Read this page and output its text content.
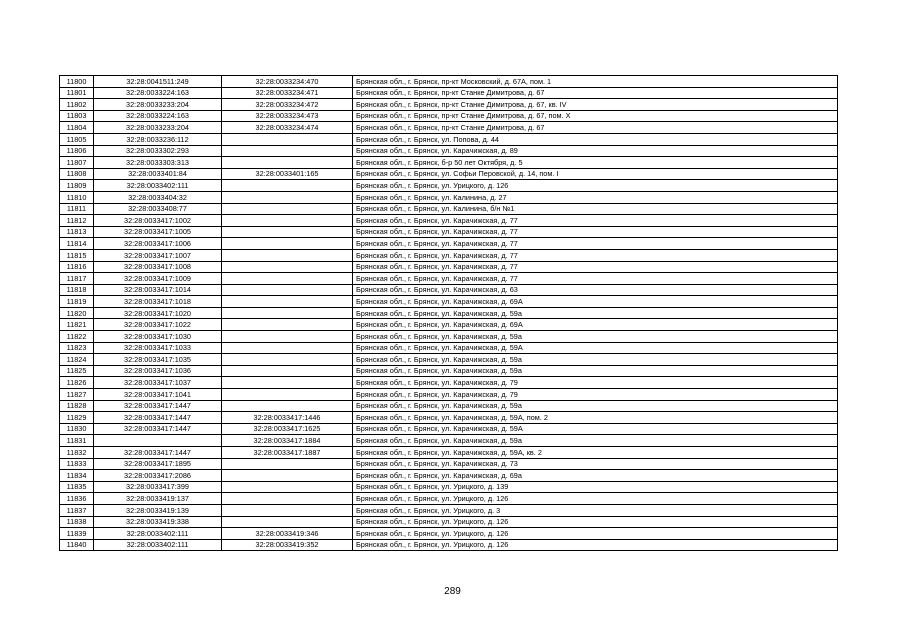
11800	32:28:0041511:249	32:28:0033234:470	Брянская обл., г. Брянск, пр-кт Московский, д. 67А, пом. 1
11801	32:28:0033224:163	32:28:0033234:471	Брянская обл., г. Брянск, пр-кт Станке Димитрова, д. 67
11802	32:28:0033233:204	32:28:0033234:472	Брянская обл., г. Брянск, пр-кт Станке Димитрова, д. 67, кв. IV
11803	32:28:0033224:163	32:28:0033234:473	Брянская обл., г. Брянск, пр-кт Станке Димитрова, д. 67, пом. X
11804	32:28:0033233:204	32:28:0033234:474	Брянская обл., г. Брянск, пр-кт Станке Димитрова, д. 67
11805	32:28:0033236:112		Брянская обл., г. Брянск, ул. Попова, д. 44
11806	32:28:0033302:293		Брянская обл., г. Брянск, ул. Карачижская, д. 89
11807	32:28:0033303:313		Брянская обл., г. Брянск, б-р 50 лет Октября, д. 5
11808	32:28:0033401:84	32:28:0033401:165	Брянская обл., г. Брянск, ул. Софьи Перовской, д. 14, пом. I
11809	32:28:0033402:111		Брянская обл., г. Брянск, ул. Урицкого, д. 126
11810	32:28:0033404:32		Брянская обл., г. Брянск, ул. Калинина, д. 27
11811	32:28:0033408:77		Брянская обл., г. Брянск, ул. Калинина, б/н №1
11812	32:28:0033417:1002		Брянская обл., г. Брянск, ул. Карачижская, д. 77
11813	32:28:0033417:1005		Брянская обл., г. Брянск, ул. Карачижская, д. 77
11814	32:28:0033417:1006		Брянская обл., г. Брянск, ул. Карачижская, д. 77
11815	32:28:0033417:1007		Брянская обл., г. Брянск, ул. Карачижская, д. 77
11816	32:28:0033417:1008		Брянская обл., г. Брянск, ул. Карачижская, д. 77
11817	32:28:0033417:1009		Брянская обл., г. Брянск, ул. Карачижская, д. 77
11818	32:28:0033417:1014		Брянская обл., г. Брянск, ул. Карачижская, д. 63
11819	32:28:0033417:1018		Брянская обл., г. Брянск, ул. Карачижская, д. 69А
11820	32:28:0033417:1020		Брянская обл., г. Брянск, ул. Карачижская, д. 59а
11821	32:28:0033417:1022		Брянская обл., г. Брянск, ул. Карачижская, д. 69А
11822	32:28:0033417:1030		Брянская обл., г. Брянск, ул. Карачижская, д. 59а
11823	32:28:0033417:1033		Брянская обл., г. Брянск, ул. Карачижская, д. 59А
11824	32:28:0033417:1035		Брянская обл., г. Брянск, ул. Карачижская, д. 59а
11825	32:28:0033417:1036		Брянская обл., г. Брянск, ул. Карачижская, д. 59а
11826	32:28:0033417:1037		Брянская обл., г. Брянск, ул. Карачижская, д. 79
11827	32:28:0033417:1041		Брянская обл., г. Брянск, ул. Карачижская, д. 79
11828	32:28:0033417:1447		Брянская обл., г. Брянск, ул. Карачижская, д. 59а
11829	32:28:0033417:1447	32:28:0033417:1446	Брянская обл., г. Брянск, ул. Карачижская, д. 59А, пом. 2
11830	32:28:0033417:1447	32:28:0033417:1625	Брянская обл., г. Брянск, ул. Карачижская, д. 59А
11831		32:28:0033417:1884	Брянская обл., г. Брянск, ул. Карачижская, д. 59а
11832	32:28:0033417:1447	32:28:0033417:1887	Брянская обл., г. Брянск, ул. Карачижская, д. 59А, кв. 2
11833	32:28:0033417:1895		Брянская обл., г. Брянск, ул. Карачижская, д. 73
11834	32:28:0033417:2086		Брянская обл., г. Брянск, ул. Карачижская, д. 69а
11835	32:28:0033417:399		Брянская обл., г. Брянск, ул. Урицкого, д. 139
11836	32:28:0033419:137		Брянская обл., г. Брянск, ул. Урицкого, д. 126
11837	32:28:0033419:139		Брянская обл., г. Брянск, ул. Урицкого, д. 3
11838	32:28:0033419:338		Брянская обл., г. Брянск, ул. Урицкого, д. 126
11839	32:28:0033402:111	32:28:0033419:346	Брянская обл., г. Брянск, ул. Урицкого, д. 126
11840	32:28:0033402:111	32:28:0033419:352	Брянская обл., г. Брянск, ул. Урицкого, д. 126
289
